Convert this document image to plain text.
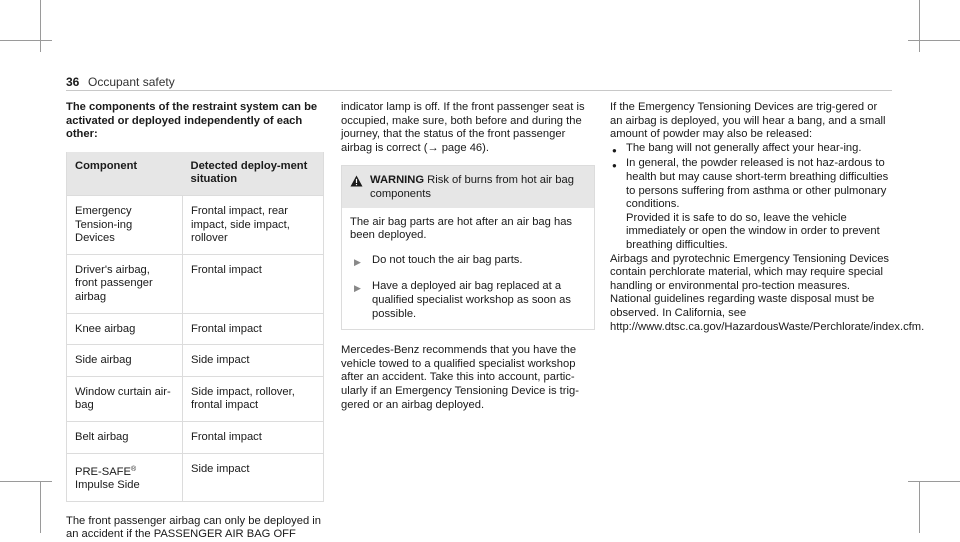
36 Occupant safety

The components of the restraint system can be activated or deployed independently of each other:

Component	Detected deploy-ment situation
Emergency Tension-ing Devices	Frontal impact, rear impact, side impact, rollover
Driver's airbag, front passenger airbag	Frontal impact
Knee airbag	Frontal impact
Side airbag	Side impact
Window curtain air-bag	Side impact, rollover, frontal impact
Belt airbag	Frontal impact
PRE-SAFE® Impulse Side	Side impact

The front passenger airbag can only be deployed in an accident if the PASSENGER AIR BAG OFF

indicator lamp is off. If the front passenger seat is occupied, make sure, both before and during the journey, that the status of the front passenger airbag is correct (→ page 46).

WARNING Risk of burns from hot air bag components

The air bag parts are hot after an air bag has been deployed.

▶ Do not touch the air bag parts.
▶ Have a deployed air bag replaced at a qualified specialist workshop as soon as possible.

Mercedes-Benz recommends that you have the vehicle towed to a qualified specialist workshop after an accident. Take this into account, partic-ularly if an Emergency Tensioning Device is trig-gered or an airbag deployed.

If the Emergency Tensioning Devices are trig-gered or an airbag is deployed, you will hear a bang, and a small amount of powder may also be released:

● The bang will not generally affect your hear-ing.
● In general, the powder released is not haz-ardous to health but may cause short-term breathing difficulties to persons suffering from asthma or other pulmonary conditions.

Provided it is safe to do so, leave the vehicle immediately or open the window in order to prevent breathing difficulties.

Airbags and pyrotechnic Emergency Tensioning Devices contain perchlorate material, which may require special handling or environmental pro-tection measures. National guidelines regarding waste disposal must be observed. In California, see http://www.dtsc.ca.gov/HazardousWaste/Perchlorate/index.cfm.
